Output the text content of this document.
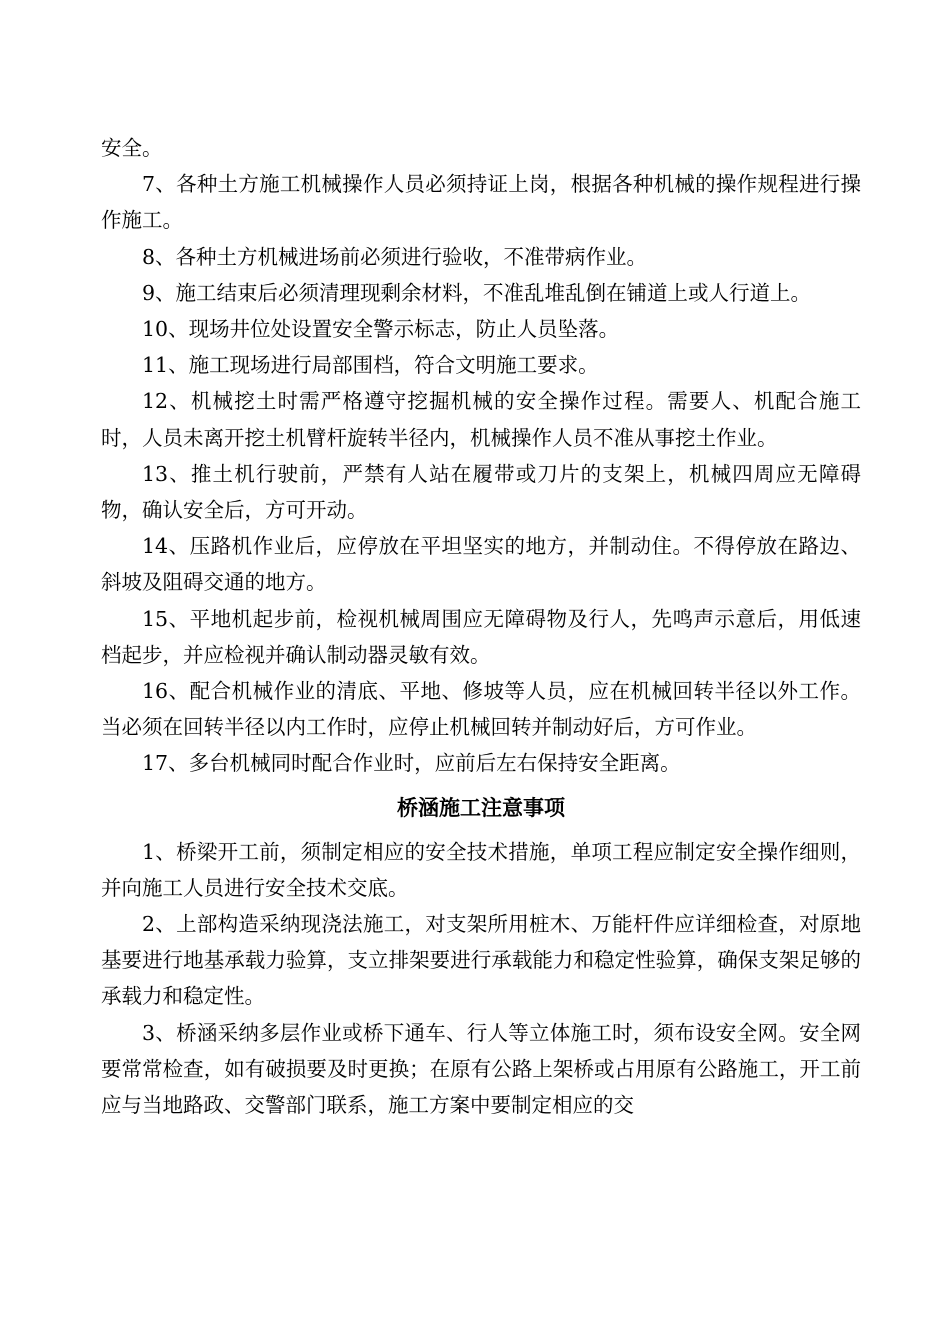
安全。

7、各种土方施工机械操作人员必须持证上岗，根据各种机械的操作规程进行操作施工。

8、各种土方机械进场前必须进行验收，不准带病作业。

9、施工结束后必须清理现剩余材料，不准乱堆乱倒在铺道上或人行道上。

10、现场井位处设置安全警示标志，防止人员坠落。

11、施工现场进行局部围档，符合文明施工要求。

12、机械挖土时需严格遵守挖掘机械的安全操作过程。需要人、机配合施工时，人员未离开挖土机臂杆旋转半径内，机械操作人员不准从事挖土作业。

13、推土机行驶前，严禁有人站在履带或刀片的支架上，机械四周应无障碍物，确认安全后，方可开动。

14、压路机作业后，应停放在平坦坚实的地方，并制动住。不得停放在路边、斜坡及阻碍交通的地方。

15、平地机起步前，检视机械周围应无障碍物及行人，先鸣声示意后，用低速档起步，并应检视并确认制动器灵敏有效。

16、配合机械作业的清底、平地、修坡等人员，应在机械回转半径以外工作。当必须在回转半径以内工作时，应停止机械回转并制动好后，方可作业。

17、多台机械同时配合作业时，应前后左右保持安全距离。

桥涵施工注意事项

1、桥梁开工前，须制定相应的安全技术措施，单项工程应制定安全操作细则，并向施工人员进行安全技术交底。

2、上部构造采纳现浇法施工，对支架所用桩木、万能杆件应详细检查，对原地基要进行地基承载力验算，支立排架要进行承载能力和稳定性验算，确保支架足够的承载力和稳定性。

3、桥涵采纳多层作业或桥下通车、行人等立体施工时，须布设安全网。安全网要常常检查，如有破损要及时更换；在原有公路上架桥或占用原有公路施工，开工前应与当地路政、交警部门联系，施工方案中要制定相应的交
